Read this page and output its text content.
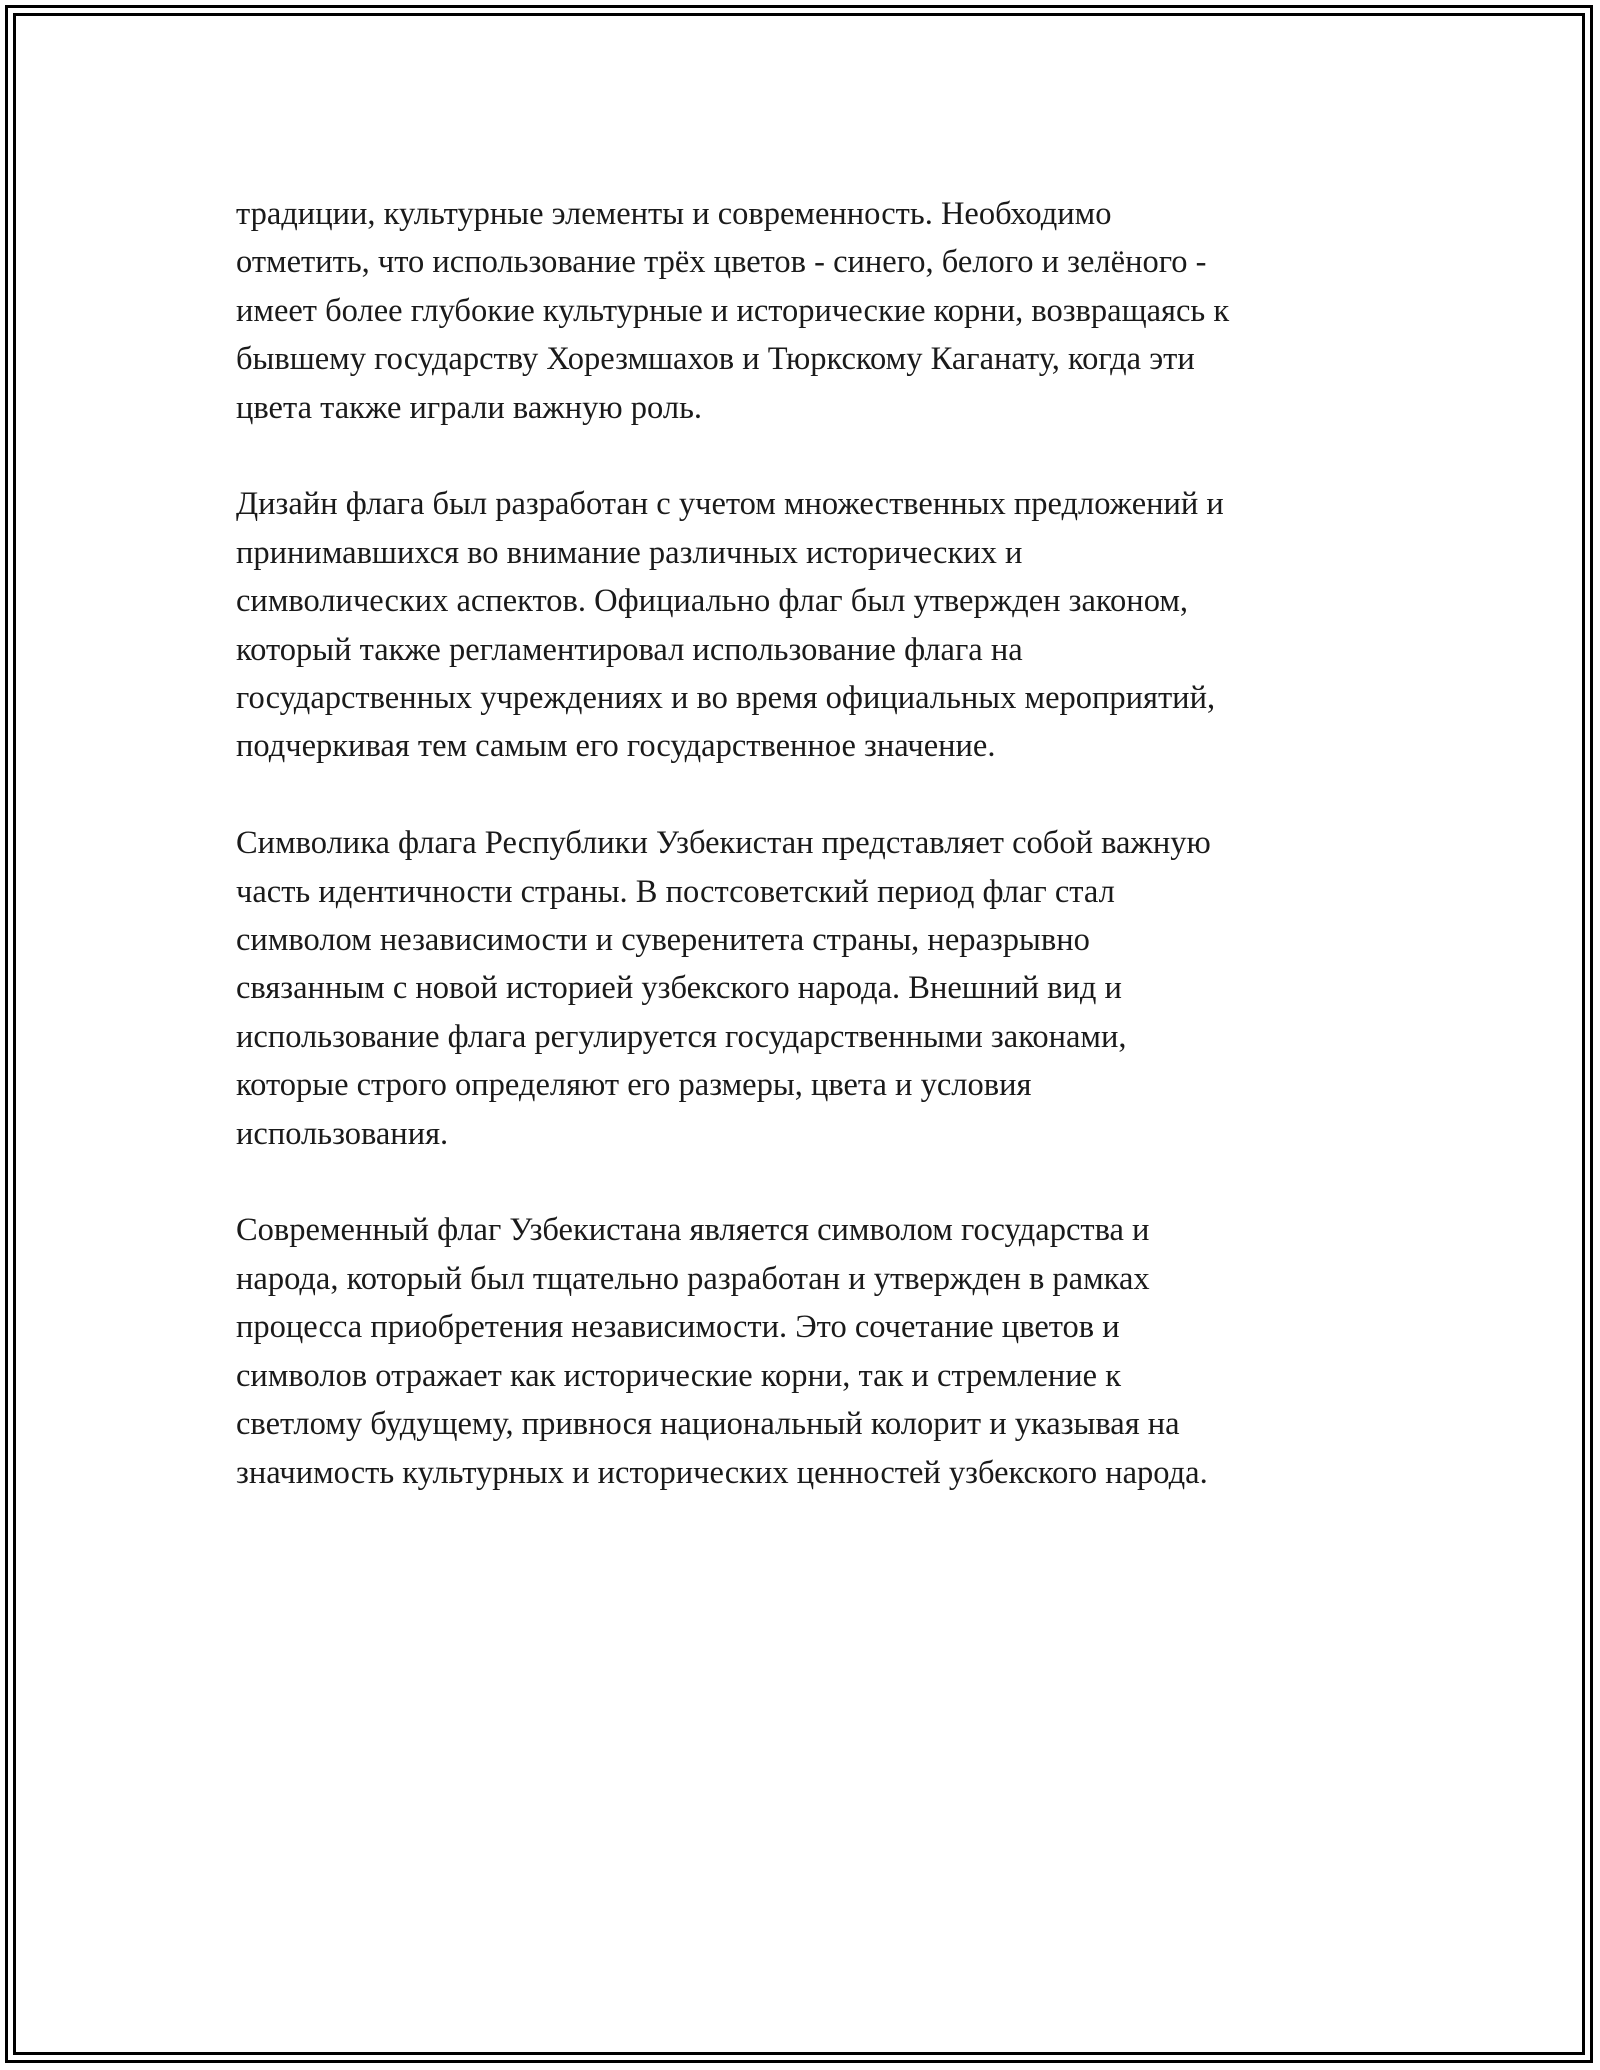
традиции, культурные элементы и современность. Необходимо
отметить, что использование трёх цветов - синего, белого и зелёного -
имеет более глубокие культурные и исторические корни, возвращаясь к
бывшему государству Хорезмшахов и Тюркскому Каганату, когда эти
цвета также играли важную роль.

Дизайн флага был разработан с учетом множественных предложений и
принимавшихся во внимание различных исторических и
символических аспектов. Официально флаг был утвержден законом,
который также регламентировал использование флага на
государственных учреждениях и во время официальных мероприятий,
подчеркивая тем самым его государственное значение.

Символика флага Республики Узбекистан представляет собой важную
часть идентичности страны. В постсоветский период флаг стал
символом независимости и суверенитета страны, неразрывно
связанным с новой историей узбекского народа. Внешний вид и
использование флага регулируется государственными законами,
которые строго определяют его размеры, цвета и условия
использования.

Современный флаг Узбекистана является символом государства и
народа, который был тщательно разработан и утвержден в рамках
процесса приобретения независимости. Это сочетание цветов и
символов отражает как исторические корни, так и стремление к
светлому будущему, привнося национальный колорит и указывая на
значимость культурных и исторических ценностей узбекского народа.
